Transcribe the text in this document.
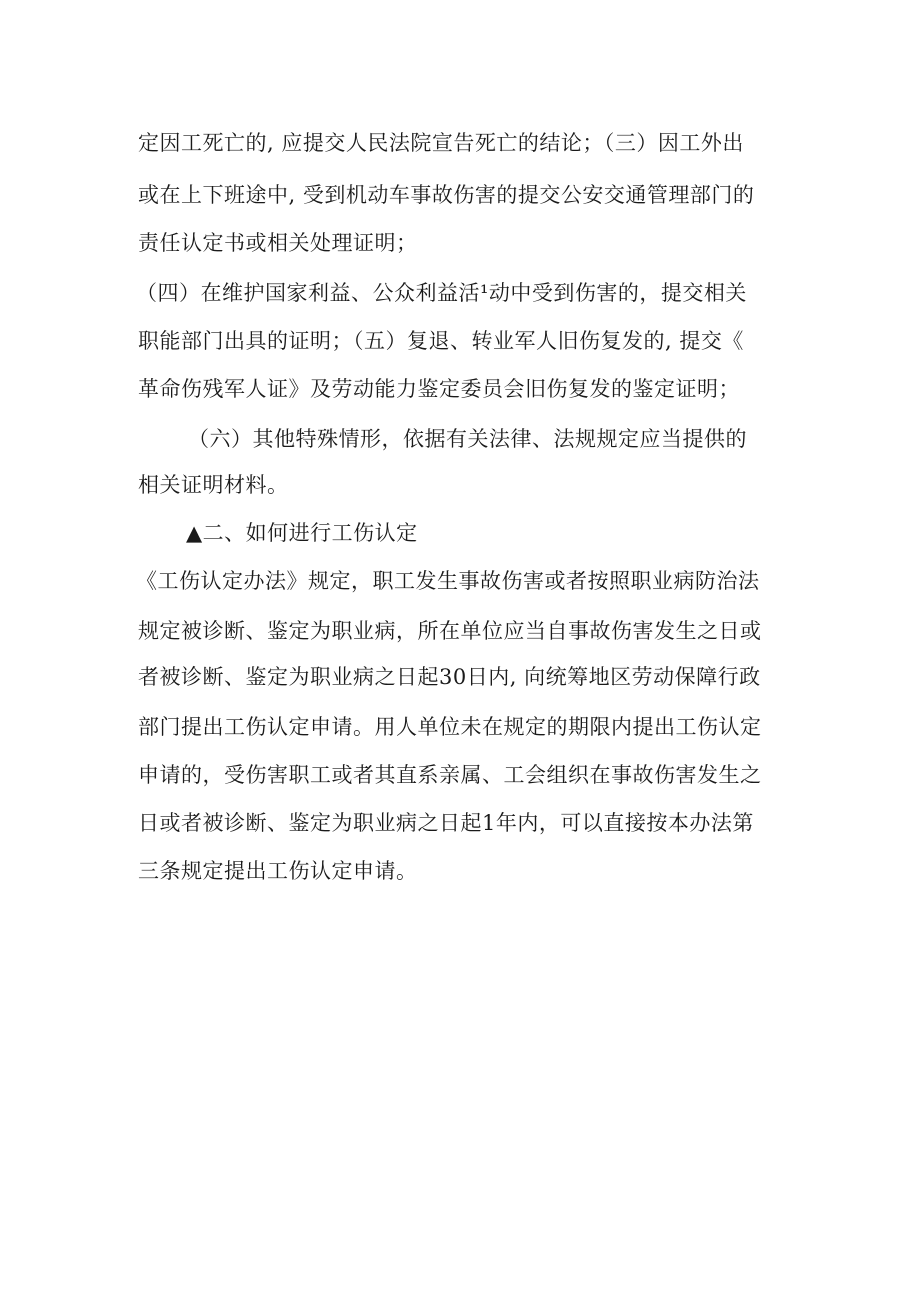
定因工死亡的, 应提交人民法院宣告死亡的结论；（三）因工外出
或在上下班途中, 受到机动车事故伤害的提交公安交通管理部门的
责任认定书或相关处理证明；
（四）在维护国家利益、公众利益活¹动中受到伤害的，提交相关
职能部门出具的证明；（五）复退、转业军人旧伤复发的, 提交《
革命伤残军人证》及劳动能力鉴定委员会旧伤复发的鉴定证明；
（六）其他特殊情形，依据有关法律、法规规定应当提供的
相关证明材料。
▲二、如何进行工伤认定
《工伤认定办法》规定，职工发生事故伤害或者按照职业病防治法
规定被诊断、鉴定为职业病，所在单位应当自事故伤害发生之日或
者被诊断、鉴定为职业病之日起30日内, 向统筹地区劳动保障行政
部门提出工伤认定申请。用人单位未在规定的期限内提出工伤认定
申请的，受伤害职工或者其直系亲属、工会组织在事故伤害发生之
日或者被诊断、鉴定为职业病之日起1年内，可以直接按本办法第
三条规定提出工伤认定申请。
